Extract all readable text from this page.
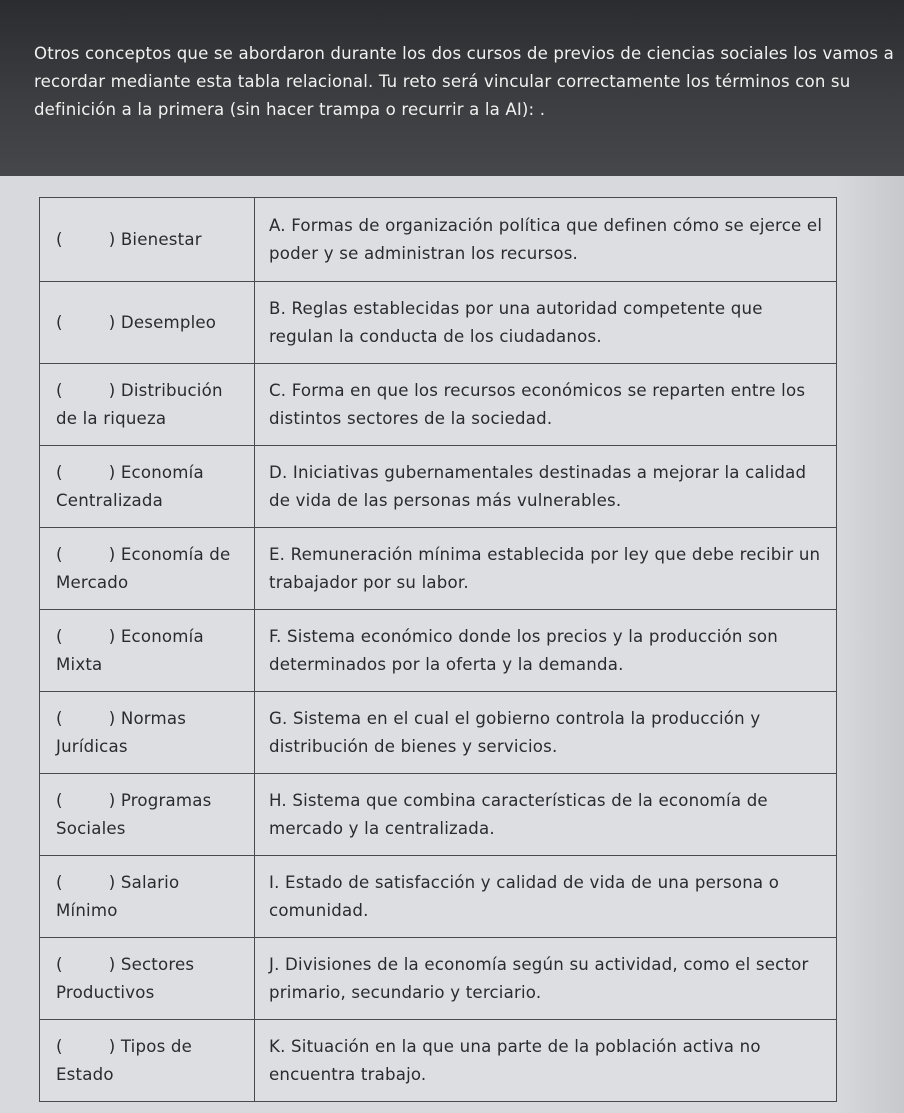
Otros conceptos que se abordaron durante los dos cursos de previos de ciencias sociales los vamos a recordar mediante esta tabla relacional. Tu reto será vincular correctamente los términos con su definición a la primera (sin hacer trampa o recurrir a la AI): .

( ) Bienestar	A. Formas de organización política que definen cómo se ejerce el poder y se administran los recursos.
( ) Desempleo	B. Reglas establecidas por una autoridad competente que regulan la conducta de los ciudadanos.
( ) Distribución de la riqueza	C. Forma en que los recursos económicos se reparten entre los distintos sectores de la sociedad.
( ) Economía Centralizada	D. Iniciativas gubernamentales destinadas a mejorar la calidad de vida de las personas más vulnerables.
( ) Economía de Mercado	E. Remuneración mínima establecida por ley que debe recibir un trabajador por su labor.
( ) Economía Mixta	F. Sistema económico donde los precios y la producción son determinados por la oferta y la demanda.
( ) Normas Jurídicas	G. Sistema en el cual el gobierno controla la producción y distribución de bienes y servicios.
( ) Programas Sociales	H. Sistema que combina características de la economía de mercado y la centralizada.
( ) Salario Mínimo	I. Estado de satisfacción y calidad de vida de una persona o comunidad.
( ) Sectores Productivos	J. Divisiones de la economía según su actividad, como el sector primario, secundario y terciario.
( ) Tipos de Estado	K. Situación en la que una parte de la población activa no encuentra trabajo.
